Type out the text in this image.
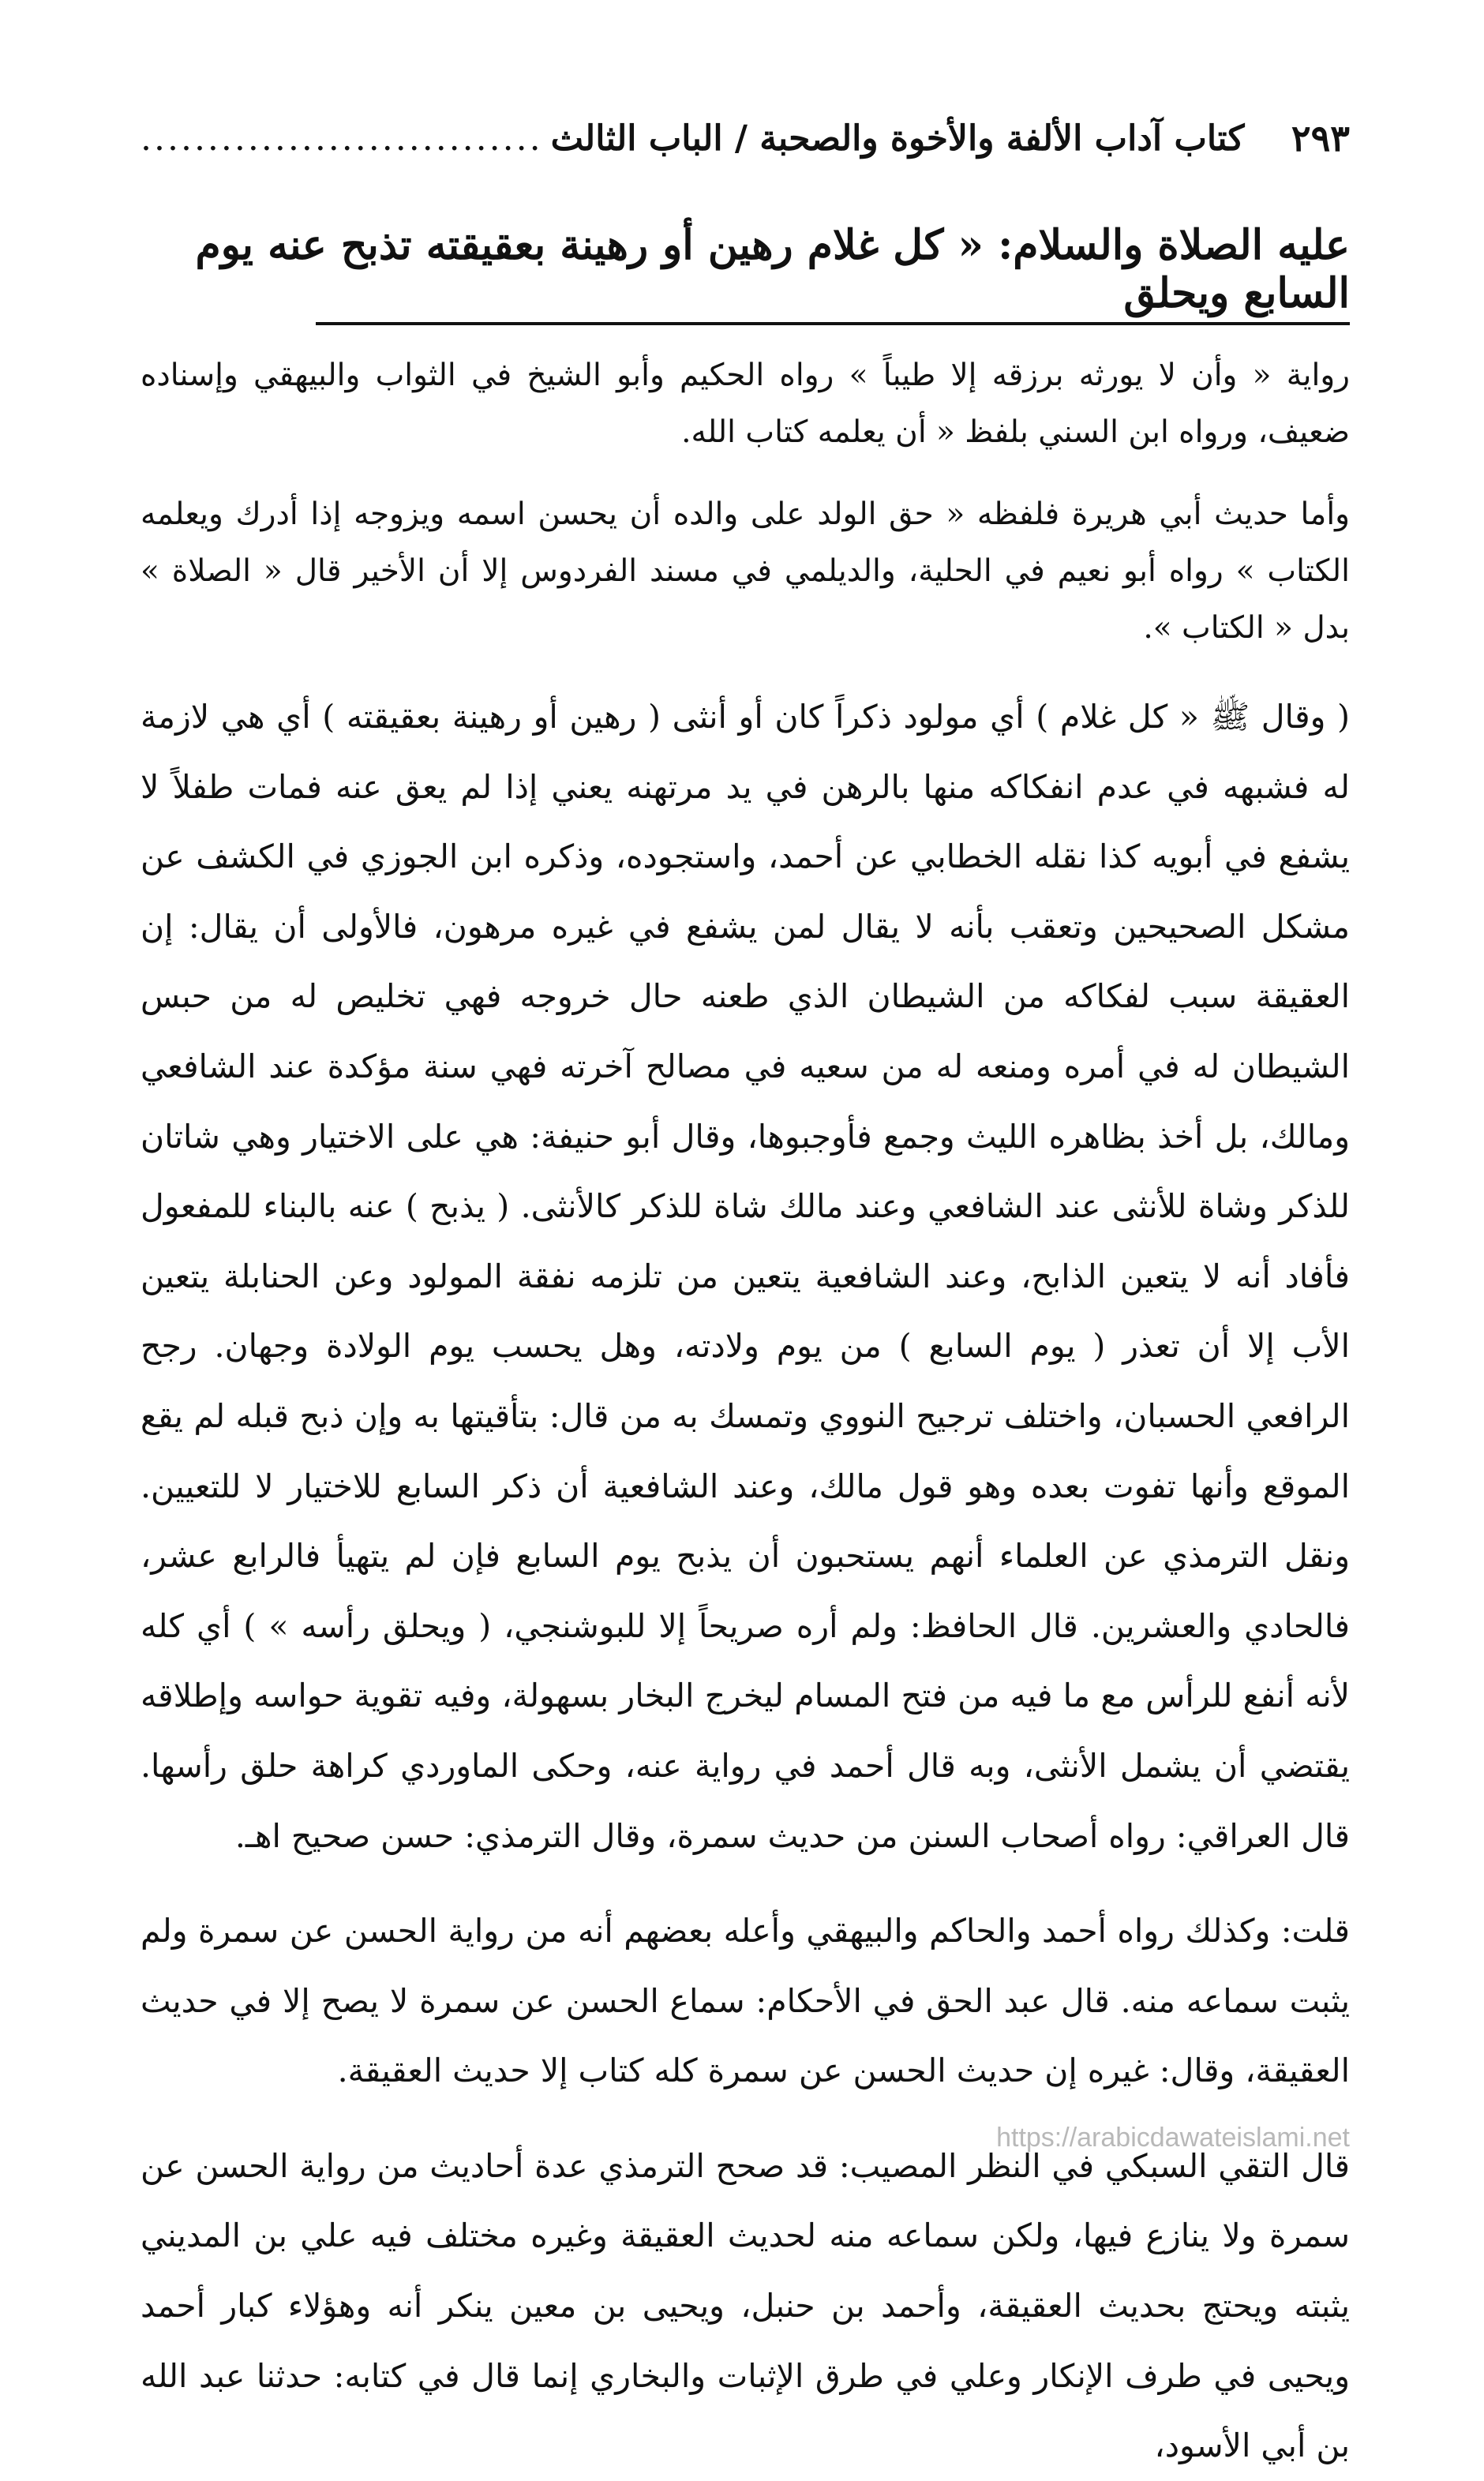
كتاب آداب الألفة والأخوة والصحبة / الباب الثالث
..............................	٢٩٣
عليه الصلاة والسلام: « كل غلام رهين أو رهينة بعقيقته تذبح عنه يوم السابع ويحلق

رواية « وأن لا يورثه برزقه إلا طيباً » رواه الحكيم وأبو الشيخ في الثواب والبيهقي وإسناده ضعيف، ورواه ابن السني بلفظ « أن يعلمه كتاب الله.

وأما حديث أبي هريرة فلفظه « حق الولد على والده أن يحسن اسمه ويزوجه إذا أدرك ويعلمه الكتاب » رواه أبو نعيم في الحلية، والديلمي في مسند الفردوس إلا أن الأخير قال « الصلاة » بدل « الكتاب ».

( وقال ﷺ « كل غلام ) أي مولود ذكراً كان أو أنثى ( رهين أو رهينة بعقيقته ) أي هي لازمة له فشبهه في عدم انفكاكه منها بالرهن في يد مرتهنه يعني إذا لم يعق عنه فمات طفلاً لا يشفع في أبويه كذا نقله الخطابي عن أحمد، واستجوده، وذكره ابن الجوزي في الكشف عن مشكل الصحيحين وتعقب بأنه لا يقال لمن يشفع في غيره مرهون، فالأولى أن يقال: إن العقيقة سبب لفكاكه من الشيطان الذي طعنه حال خروجه فهي تخليص له من حبس الشيطان له في أمره ومنعه له من سعيه في مصالح آخرته فهي سنة مؤكدة عند الشافعي ومالك، بل أخذ بظاهره الليث وجمع فأوجبوها، وقال أبو حنيفة: هي على الاختيار وهي شاتان للذكر وشاة للأنثى عند الشافعي وعند مالك شاة للذكر كالأنثى. ( يذبح ) عنه بالبناء للمفعول فأفاد أنه لا يتعين الذابح، وعند الشافعية يتعين من تلزمه نفقة المولود وعن الحنابلة يتعين الأب إلا أن تعذر ( يوم السابع ) من يوم ولادته، وهل يحسب يوم الولادة وجهان. رجح الرافعي الحسبان، واختلف ترجيح النووي وتمسك به من قال: بتأقيتها به وإن ذبح قبله لم يقع الموقع وأنها تفوت بعده وهو قول مالك، وعند الشافعية أن ذكر السابع للاختيار لا للتعيين. ونقل الترمذي عن العلماء أنهم يستحبون أن يذبح يوم السابع فإن لم يتهيأ فالرابع عشر، فالحادي والعشرين. قال الحافظ: ولم أره صريحاً إلا للبوشنجي، ( ويحلق رأسه » ) أي كله لأنه أنفع للرأس مع ما فيه من فتح المسام ليخرج البخار بسهولة، وفيه تقوية حواسه وإطلاقه يقتضي أن يشمل الأنثى، وبه قال أحمد في رواية عنه، وحكى الماوردي كراهة حلق رأسها. قال العراقي: رواه أصحاب السنن من حديث سمرة، وقال الترمذي: حسن صحيح اهـ.

قلت: وكذلك رواه أحمد والحاكم والبيهقي وأعله بعضهم أنه من رواية الحسن عن سمرة ولم يثبت سماعه منه. قال عبد الحق في الأحكام: سماع الحسن عن سمرة لا يصح إلا في حديث العقيقة، وقال: غيره إن حديث الحسن عن سمرة كله كتاب إلا حديث العقيقة.

قال التقي السبكي في النظر المصيب: قد صحح الترمذي عدة أحاديث من رواية الحسن عن سمرة ولا ينازع فيها، ولكن سماعه منه لحديث العقيقة وغيره مختلف فيه علي بن المديني يثبته ويحتج بحديث العقيقة، وأحمد بن حنبل، ويحيى بن معين ينكر أنه وهؤلاء كبار أحمد ويحيى في طرف الإنكار وعلي في طرق الإثبات والبخاري إنما قال في كتابه: حدثنا عبد الله بن أبي الأسود،

https://arabicdawateislami.net
